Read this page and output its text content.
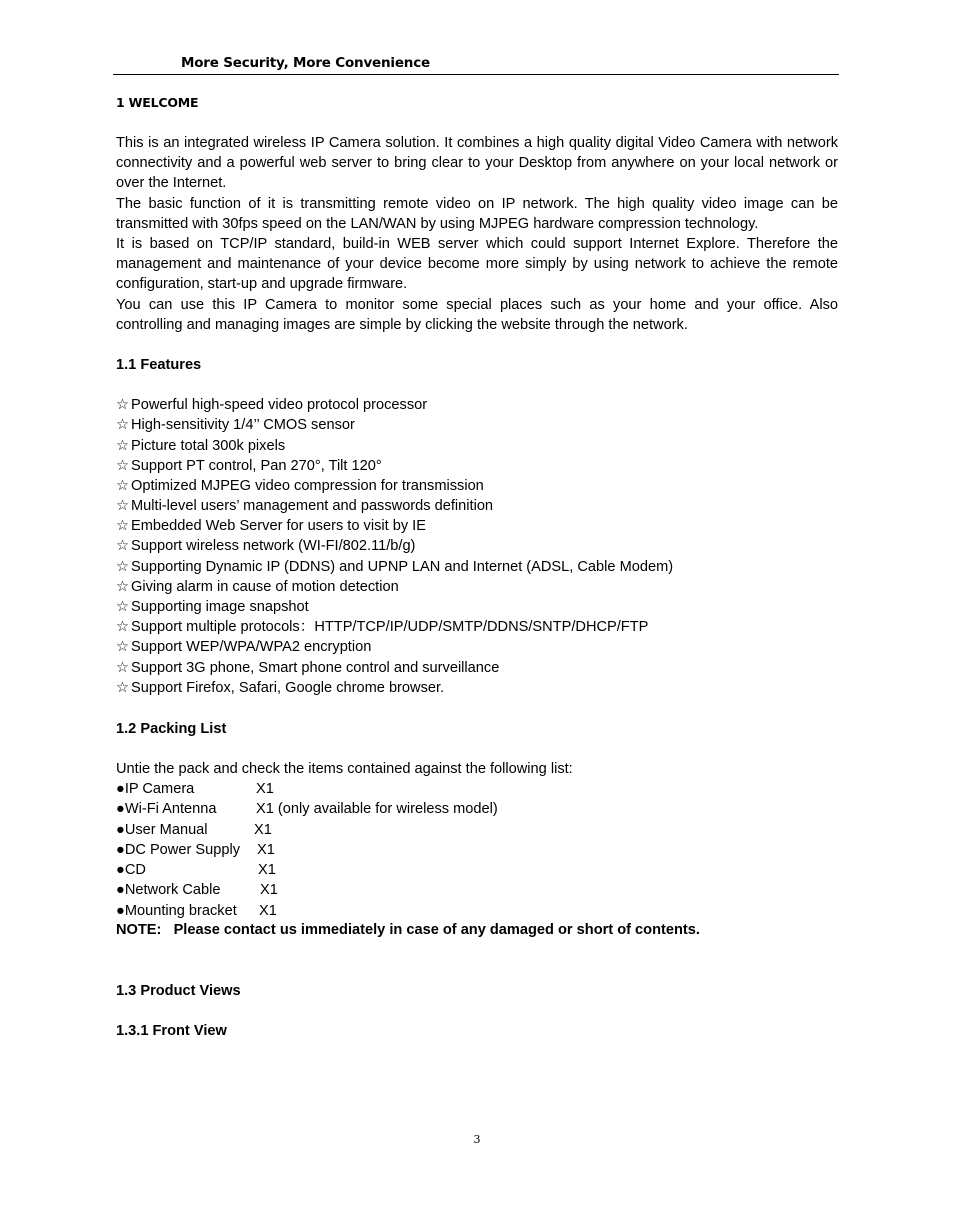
More Security, More Convenience
1 WELCOME
This is an integrated wireless IP Camera solution. It combines a high quality digital Video Camera with network
connectivity and a powerful web server to bring clear to your Desktop from anywhere on your local network or
over the Internet.
The basic function of it is transmitting remote video on IP network. The high quality video image can be
transmitted with 30fps speed on the LAN/WAN by using MJPEG hardware compression technology.
It is based on TCP/IP standard, build-in WEB server which could support Internet Explore. Therefore the
management and maintenance of your device become more simply by using network to achieve the remote
configuration, start-up and upgrade firmware.
You can use this IP Camera to monitor some special places such as your home and your office. Also
controlling and managing images are simple by clicking the website through the network.
1.1 Features
☆ Powerful high-speed video protocol processor
☆ High-sensitivity 1/4’’ CMOS sensor
☆ Picture total 300k pixels
☆ Support PT control, Pan 270°, Tilt 120°
☆ Optimized MJPEG video compression for transmission
☆ Multi-level users’ management and passwords definition
☆ Embedded Web Server for users to visit by IE
☆ Support wireless network (WI-FI/802.11/b/g)
☆ Supporting Dynamic IP (DDNS) and UPNP LAN and Internet (ADSL, Cable Modem)
☆ Giving alarm in cause of motion detection
☆ Supporting image snapshot
☆ Support multiple protocols：HTTP/TCP/IP/UDP/SMTP/DDNS/SNTP/DHCP/FTP
☆ Support WEP/WPA/WPA2 encryption
☆ Support 3G phone, Smart phone control and surveillance
☆ Support Firefox, Safari, Google chrome browser.
1.2 Packing List
Untie the pack and check the items contained against the following list:
●IP Camera	X1
●Wi-Fi Antenna	X1 (only available for wireless model)
●User Manual	X1
●DC Power Supply X1
●CD	X1
●Network Cable	X1
●Mounting bracket X1
NOTE:   Please contact us immediately in case of any damaged or short of contents.
1.3 Product Views
1.3.1 Front View
3
